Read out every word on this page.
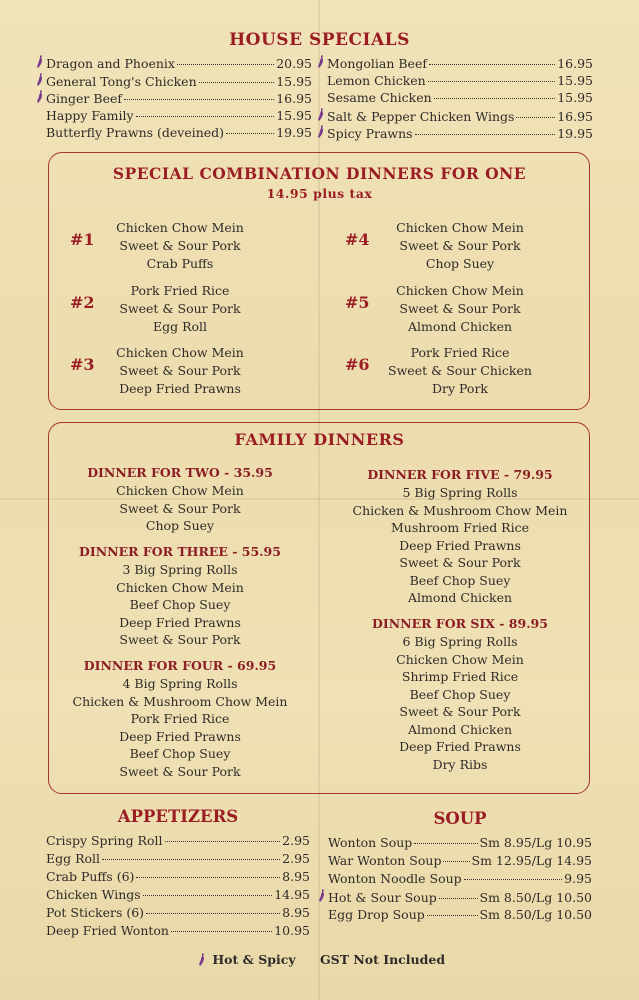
HOUSE SPECIALS
Dragon and Phoenix	20.95
General Tong's Chicken	15.95
Ginger Beef	16.95
Happy Family	15.95
Butterfly Prawns (deveined)	19.95
Mongolian Beef	16.95
Lemon Chicken	15.95
Sesame Chicken	15.95
Salt & Pepper Chicken Wings	16.95
Spicy Prawns	19.95
SPECIAL COMBINATION DINNERS FOR ONE
14.95 plus tax
#1
Chicken Chow Mein
Sweet & Sour Pork
Crab Puffs
#2
Pork Fried Rice
Sweet & Sour Pork
Egg Roll
#3
Chicken Chow Mein
Sweet & Sour Pork
Deep Fried Prawns
#4
Chicken Chow Mein
Sweet & Sour Pork
Chop Suey
#5
Chicken Chow Mein
Sweet & Sour Pork
Almond Chicken
#6
Pork Fried Rice
Sweet & Sour Chicken
Dry Pork
FAMILY DINNERS
DINNER FOR TWO - 35.95
Chicken Chow Mein
Sweet & Sour Pork
Chop Suey
DINNER FOR THREE - 55.95
3 Big Spring Rolls
Chicken Chow Mein
Beef Chop Suey
Deep Fried Prawns
Sweet & Sour Pork
DINNER FOR FOUR - 69.95
4 Big Spring Rolls
Chicken & Mushroom Chow Mein
Pork Fried Rice
Deep Fried Prawns
Beef Chop Suey
Sweet & Sour Pork
DINNER FOR FIVE - 79.95
5 Big Spring Rolls
Chicken & Mushroom Chow Mein
Mushroom Fried Rice
Deep Fried Prawns
Sweet & Sour Pork
Beef Chop Suey
Almond Chicken
DINNER FOR SIX - 89.95
6 Big Spring Rolls
Chicken Chow Mein
Shrimp Fried Rice
Beef Chop Suey
Sweet & Sour Pork
Almond Chicken
Deep Fried Prawns
Dry Ribs
APPETIZERS
Crispy Spring Roll	2.95
Egg Roll	2.95
Crab Puffs (6)	8.95
Chicken Wings	14.95
Pot Stickers (6)	8.95
Deep Fried Wonton	10.95
SOUP
Wonton Soup	Sm 8.95/Lg 10.95
War Wonton Soup Sm 12.95/Lg 14.95
Wonton Noodle Soup	9.95
Hot & Sour Soup	Sm 8.50/Lg 10.50
Egg Drop Soup	Sm 8.50/Lg 10.50
Hot & Spicy GST Not Included
